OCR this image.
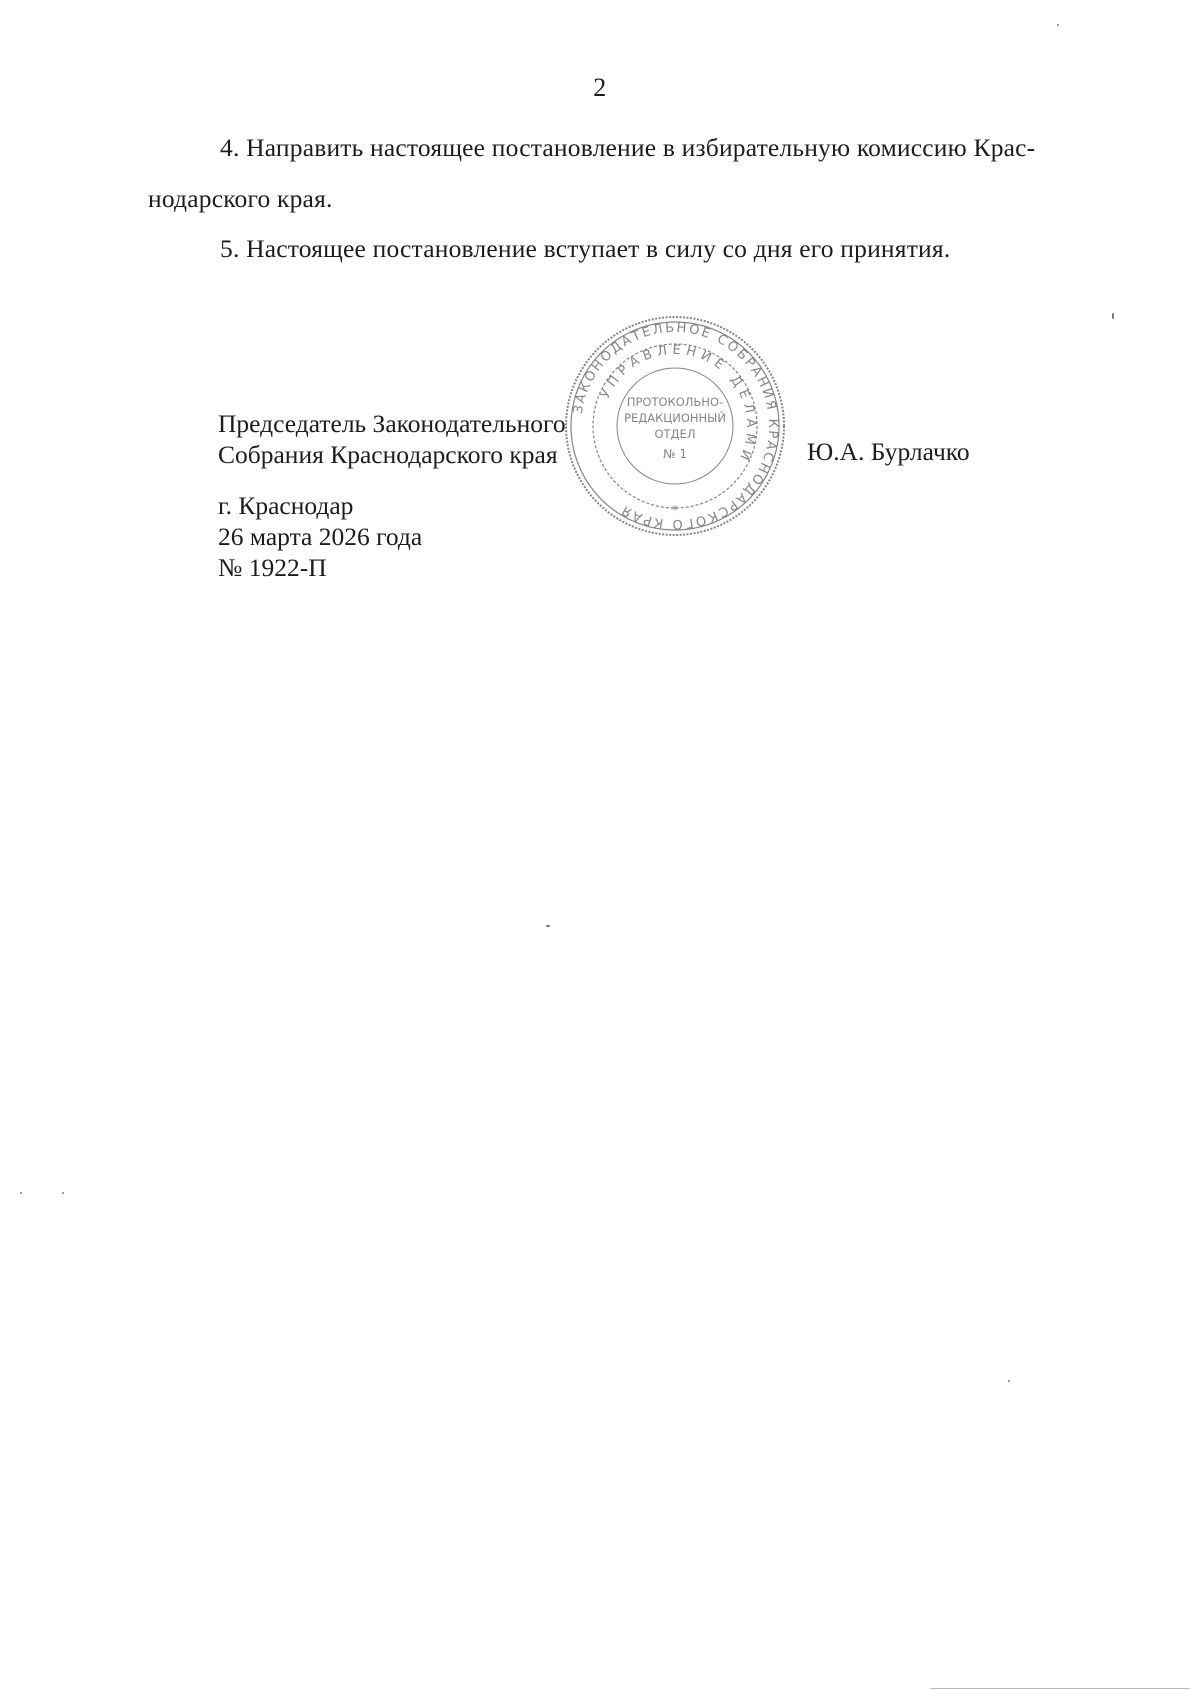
2
4. Направить настоящее постановление в избирательную комиссию Крас-
нодарского края.
5. Настоящее постановление вступает в силу со дня его принятия.
ЗАКОНОДАТЕЛЬНОЕ СОБРАНИЯ КРАСНОДАРСКОГО КРАЯ
УПРАВЛЕНИЕ ДЕЛАМИ
ПРОТОКОЛЬНО-
РЕДАКЦИОННЫЙ
ОТДЕЛ
№ 1
*
Председатель Законодательного
Собрания Краснодарского края	Ю.А. Бурлачко
г. Краснодар
26 марта 2026 года
№ 1922-П
